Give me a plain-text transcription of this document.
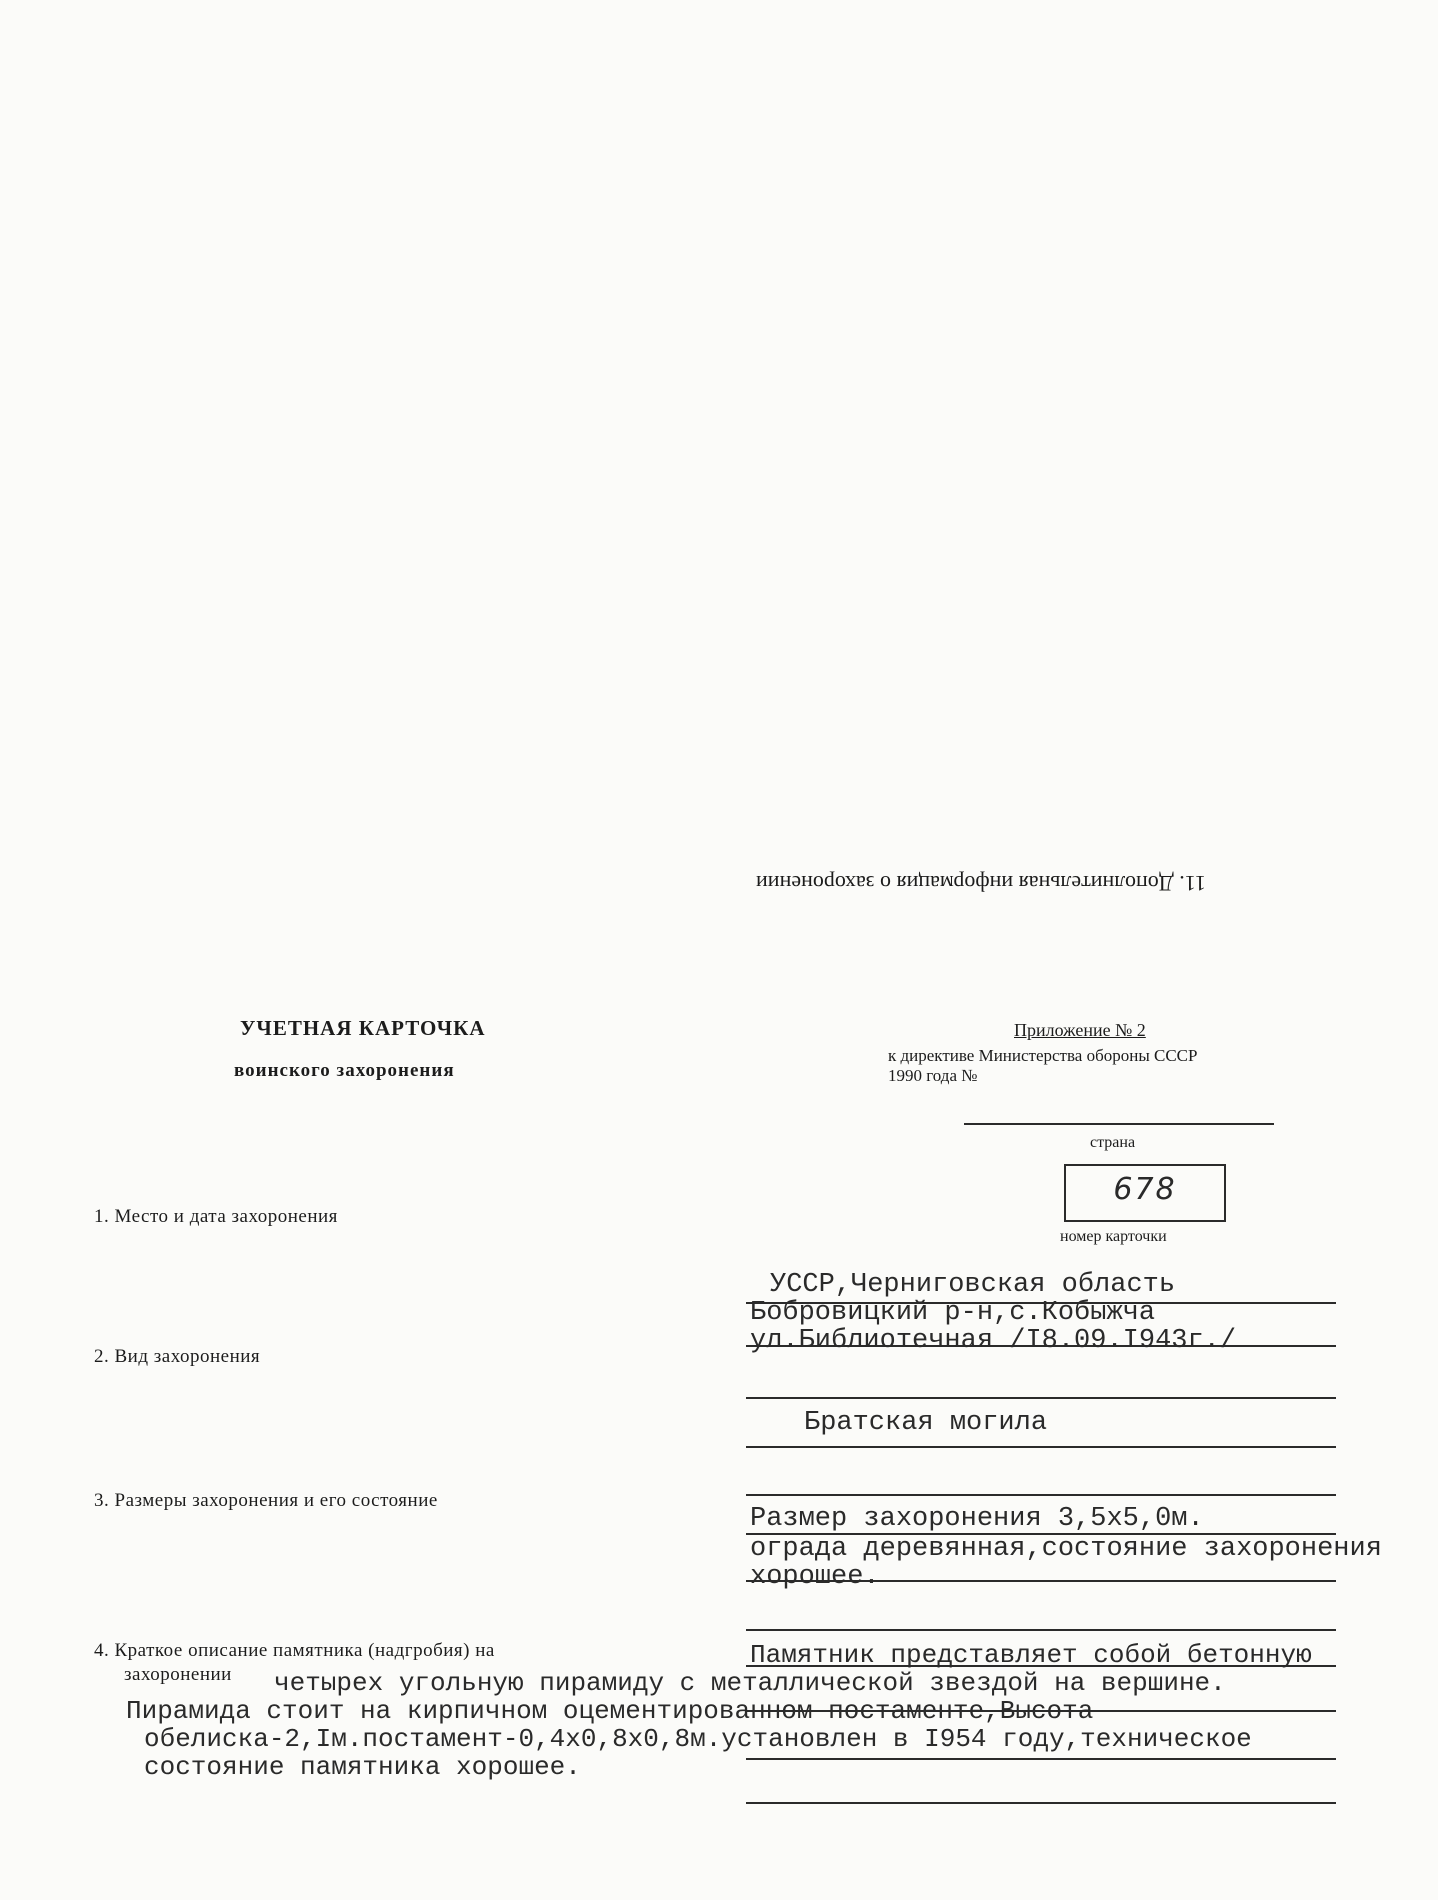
11. Дополнительная информация о захоронении
УЧЕТНАЯ КАРТОЧКА
воинского захоронения
Приложение № 2
к директиве Министерства обороны СССР
1990 года №
страна
678
номер карточки
1. Место и дата захоронения
УССР,Черниговская область
Бобровицкий р-н,с.Кобыжча
ул.Библиотечная /I8.09.I943г./
2. Вид захоронения
Братская могила
3. Размеры захоронения и его состояние
Размер захоронения 3,5х5,0м.
ограда деревянная,состояние захоронения
хорошее.
4. Краткое описание памятника (надгробия) на
захоронении
Памятник представляет собой бетонную
четырех угольную пирамиду с металлической звездой на вершине.
Пирамида стоит на кирпичном оцементированном постаменте,Высота
обелиска-2,Iм.постамент-0,4х0,8х0,8м.установлен в I954 году,техническое
состояние памятника хорошее.
